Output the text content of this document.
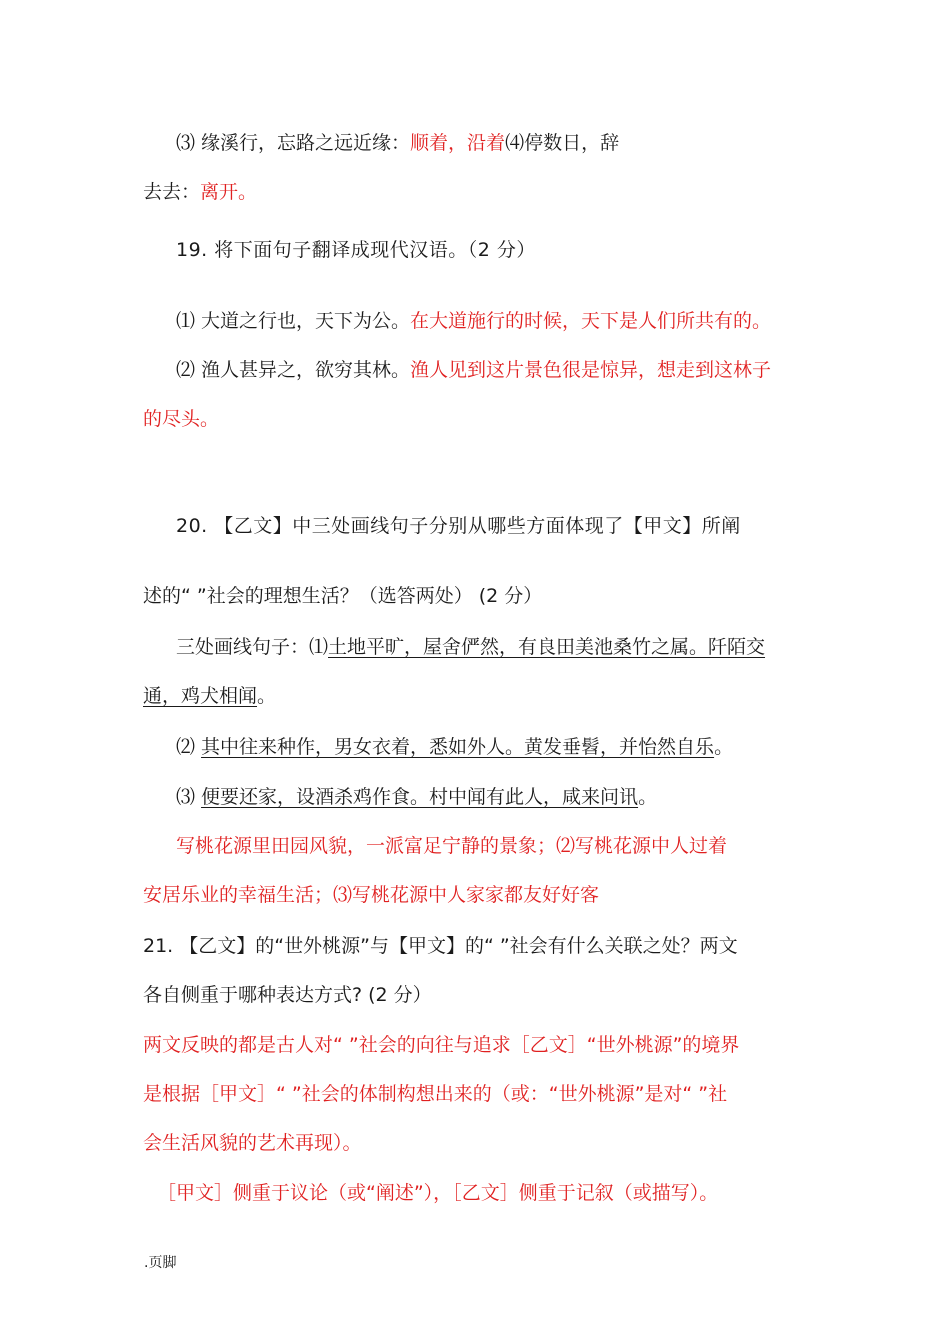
⑶ 缘溪行，忘路之远近缘：顺着，沿着⑷停数日，辞
去去：离开。
19. 将下面句子翻译成现代汉语。（2 分）
⑴ 大道之行也，天下为公。在大道施行的时候，天下是人们所共有的。
⑵ 渔人甚异之，欲穷其林。渔人见到这片景色很是惊异，想走到这林子
的尽头。
20. 【乙文】中三处画线句子分别从哪些方面体现了【甲文】所阐
述的“ ”社会的理想生活？（选答两处） (2 分）
三处画线句子：⑴土地平旷，屋舍俨然，有良田美池桑竹之属。阡陌交
通，鸡犬相闻。
⑵ 其中往来种作，男女衣着，悉如外人。黄发垂髫，并怡然自乐。
⑶ 便要还家，设酒杀鸡作食。村中闻有此人，咸来问讯。
写桃花源里田园风貌，一派富足宁静的景象；⑵写桃花源中人过着
安居乐业的幸福生活；⑶写桃花源中人家家都友好好客
21. 【乙文】的“世外桃源”与【甲文】的“ ”社会有什么关联之处？两文
各自侧重于哪种表达方式? (2 分）
两文反映的都是古人对“ ”社会的向往与追求［乙文］“世外桃源”的境界
是根据［甲文］“ ”社会的体制构想出来的（或：“世外桃源”是对“ ”社
会生活风貌的艺术再现）。
［甲文］侧重于议论（或“阐述”），［乙文］侧重于记叙（或描写）。
.页脚
